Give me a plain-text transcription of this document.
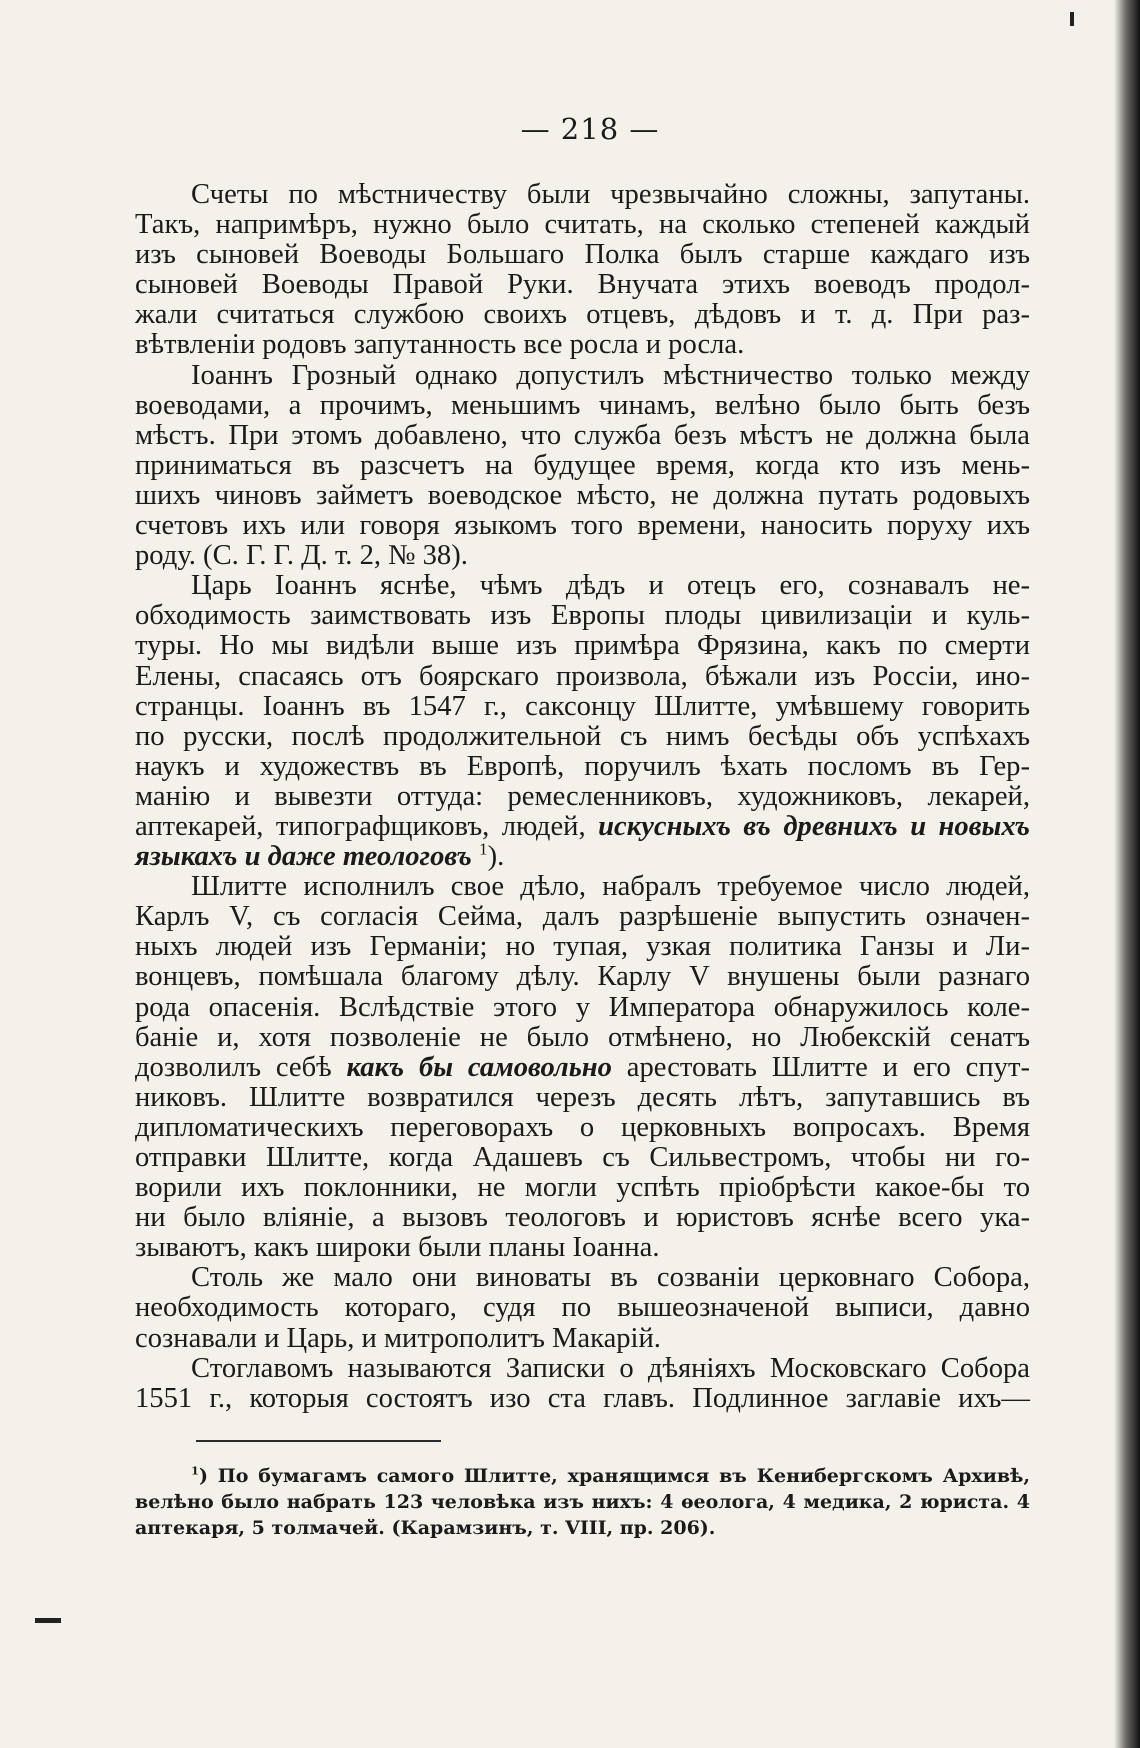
— 218 —
Счеты по мѣстничеству были чрезвычайно сложны, запутаны.
Такъ, напримѣръ, нужно было считать, на сколько степеней каждый
изъ сыновей Воеводы Большаго Полка былъ старше каждаго изъ
сыновей Воеводы Правой Руки. Внучата этихъ воеводъ продол-
жали считаться службою своихъ отцевъ, дѣдовъ и т. д. При раз-
вѣтвленіи родовъ запутанность все росла и росла.
Іоаннъ Грозный однако допустилъ мѣстничество только между
воеводами, а прочимъ, меньшимъ чинамъ, велѣно было быть безъ
мѣстъ. При этомъ добавлено, что служба безъ мѣстъ не должна была
приниматься въ разсчетъ на будущее время, когда кто изъ мень-
шихъ чиновъ займетъ воеводское мѣсто, не должна путать родовыхъ
счетовъ ихъ или говоря языкомъ того времени, наносить поруху ихъ
роду. (С. Г. Г. Д. т. 2, № 38).
Царь Іоаннъ яснѣе, чѣмъ дѣдъ и отецъ его, сознавалъ не-
обходимость заимствовать изъ Европы плоды цивилизаціи и куль-
туры. Но мы видѣли выше изъ примѣра Фрязина, какъ по смерти
Елены, спасаясь отъ боярскаго произвола, бѣжали изъ Россіи, ино-
странцы. Іоаннъ въ 1547 г., саксонцу Шлитте, умѣвшему говорить
по русски, послѣ продолжительной съ нимъ бесѣды объ успѣхахъ
наукъ и художествъ въ Европѣ, поручилъ ѣхать посломъ въ Гер-
манію и вывезти оттуда: ремесленниковъ, художниковъ, лекарей,
аптекарей, типографщиковъ, людей, искусныхъ въ древнихъ и новыхъ
языкахъ и даже теологовъ $^1$).
Шлитте исполнилъ свое дѣло, набралъ требуемое число людей,
Карлъ V, съ согласія Сейма, далъ разрѣшеніе выпустить означен-
ныхъ людей изъ Германіи; но тупая, узкая политика Ганзы и Ли-
вонцевъ, помѣшала благому дѣлу. Карлу V внушены были разнаго
рода опасенія. Вслѣдствіе этого у Императора обнаружилось коле-
баніе и, хотя позволеніе не было отмѣнено, но Любекскій сенатъ
дозволилъ себѣ какъ бы самовольно арестовать Шлитте и его спут-
никовъ. Шлитте возвратился черезъ десять лѣтъ, запутавшись въ
дипломатическихъ переговорахъ о церковныхъ вопросахъ. Время
отправки Шлитте, когда Адашевъ съ Сильвестромъ, чтобы ни го-
ворили ихъ поклонники, не могли успѣть пріобрѣсти какое-бы то
ни было вліяніе, а вызовъ теологовъ и юристовъ яснѣе всего ука-
зываютъ, какъ широки были планы Іоанна.
Столь же мало они виноваты въ созваніи церковнаго Собора,
необходимость котораго, судя по вышеозначеной выписи, давно
сознавали и Царь, и митрополитъ Макарій.
Стоглавомъ называются Записки о дѣяніяхъ Московскаго Собора
1551 г., которыя состоятъ изо ста главъ. Подлинное заглавіе ихъ—
$^1$) По бумагамъ самого Шлитте, хранящимся въ Кенибергскомъ Архивѣ,
велѣно было набрать 123 человѣка изъ нихъ: 4 ѳеолога, 4 медика, 2 юриста. 4
аптекаря, 5 толмачей. (Карамзинъ, т. VIII, пр. 206).
